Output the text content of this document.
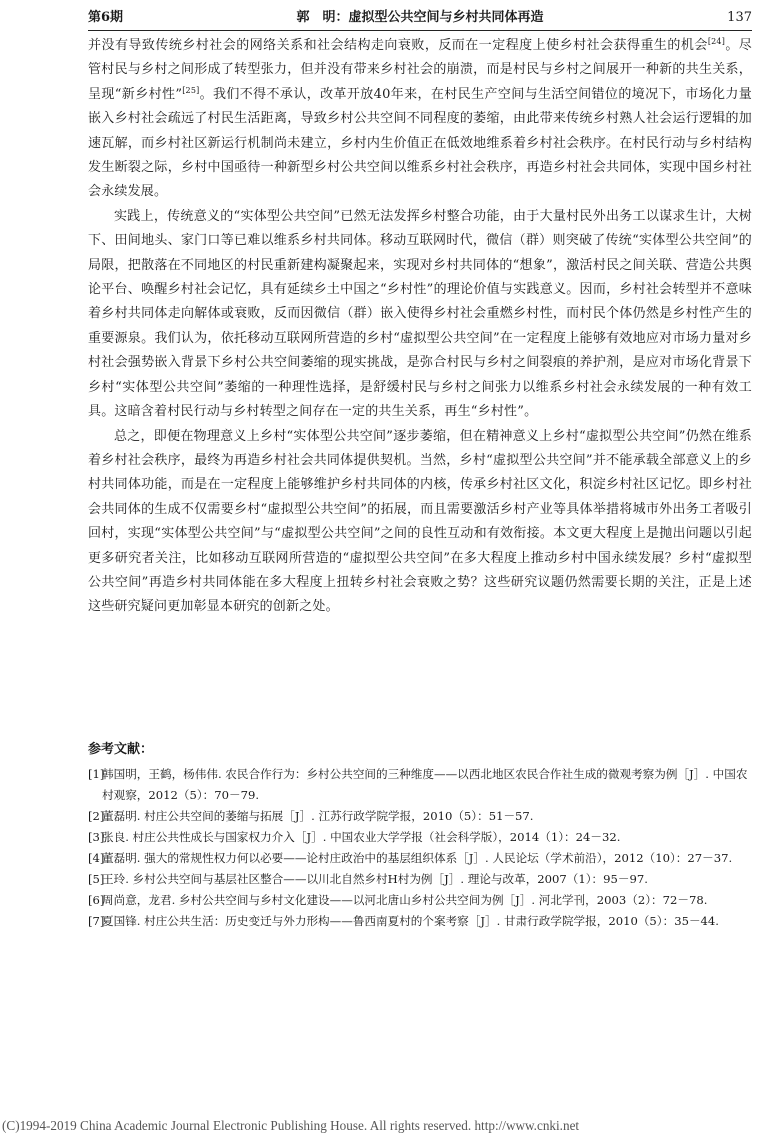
第6期	郭　明：虚拟型公共空间与乡村共同体再造	137

并没有导致传统乡村社会的网络关系和社会结构走向衰败，反而在一定程度上使乡村社会获得重生的机会[24]。尽管村民与乡村之间形成了转型张力，但并没有带来乡村社会的崩溃，而是村民与乡村之间展开一种新的共生关系，呈现“新乡村性”[25]。我们不得不承认，改革开放40年来，在村民生产空间与生活空间错位的境况下，市场化力量嵌入乡村社会疏远了村民生活距离，导致乡村公共空间不同程度的萎缩，由此带来传统乡村熟人社会运行逻辑的加速瓦解，而乡村社区新运行机制尚未建立，乡村内生价值正在低效地维系着乡村社会秩序。在村民行动与乡村结构发生断裂之际，乡村中国亟待一种新型乡村公共空间以维系乡村社会秩序，再造乡村社会共同体，实现中国乡村社会永续发展。

实践上，传统意义的“实体型公共空间”已然无法发挥乡村整合功能，由于大量村民外出务工以谋求生计，大树下、田间地头、家门口等已难以维系乡村共同体。移动互联网时代，微信（群）则突破了传统“实体型公共空间”的局限，把散落在不同地区的村民重新建构凝聚起来，实现对乡村共同体的“想象”，激活村民之间关联、营造公共舆论平台、唤醒乡村社会记忆，具有延续乡土中国之“乡村性”的理论价值与实践意义。因而，乡村社会转型并不意味着乡村共同体走向解体或衰败，反而因微信（群）嵌入使得乡村社会重燃乡村性，而村民个体仍然是乡村性产生的重要源泉。我们认为，依托移动互联网所营造的乡村“虚拟型公共空间”在一定程度上能够有效地应对市场力量对乡村社会强势嵌入背景下乡村公共空间萎缩的现实挑战，是弥合村民与乡村之间裂痕的养护剂，是应对市场化背景下乡村“实体型公共空间”萎缩的一种理性选择，是舒缓村民与乡村之间张力以维系乡村社会永续发展的一种有效工具。这暗含着村民行动与乡村转型之间存在一定的共生关系，再生“乡村性”。

总之，即便在物理意义上乡村“实体型公共空间”逐步萎缩，但在精神意义上乡村“虚拟型公共空间”仍然在维系着乡村社会秩序，最终为再造乡村社会共同体提供契机。当然，乡村“虚拟型公共空间”并不能承载全部意义上的乡村共同体功能，而是在一定程度上能够维护乡村共同体的内核，传承乡村社区文化，积淀乡村社区记忆。即乡村社会共同体的生成不仅需要乡村“虚拟型公共空间”的拓展，而且需要激活乡村产业等具体举措将城市外出务工者吸引回村，实现“实体型公共空间”与“虚拟型公共空间”之间的良性互动和有效衔接。本文更大程度上是抛出问题以引起更多研究者关注，比如移动互联网所营造的“虚拟型公共空间”在多大程度上推动乡村中国永续发展？乡村“虚拟型公共空间”再造乡村共同体能在多大程度上扭转乡村社会衰败之势？这些研究议题仍然需要长期的关注，正是上述这些研究疑问更加彰显本研究的创新之处。

参考文献：
[1]
韩国明，王鹤，杨伟伟. 农民合作行为：乡村公共空间的三种维度——以西北地区农民合作社生成的微观考察为例［J］. 中国农村观察，2012（5）：70－79.
[2]
董磊明. 村庄公共空间的萎缩与拓展［J］. 江苏行政学院学报，2010（5）：51－57.
[3]
张良. 村庄公共性成长与国家权力介入［J］. 中国农业大学学报（社会科学版），2014（1）：24－32.
[4]
董磊明. 强大的常规性权力何以必要——论村庄政治中的基层组织体系［J］. 人民论坛（学术前沿），2012（10）：27－37.
[5]
王玲. 乡村公共空间与基层社区整合——以川北自然乡村H村为例［J］. 理论与改革，2007（1）：95－97.
[6]
周尚意，龙君. 乡村公共空间与乡村文化建设——以河北唐山乡村公共空间为例［J］. 河北学刊，2003（2）：72－78.
[7]
夏国锋. 村庄公共生活：历史变迁与外力形构——鲁西南夏村的个案考察［J］. 甘肃行政学院学报，2010（5）：35－44.
(C)1994-2019 China Academic Journal Electronic Publishing House. All rights reserved. http://www.cnki.net
